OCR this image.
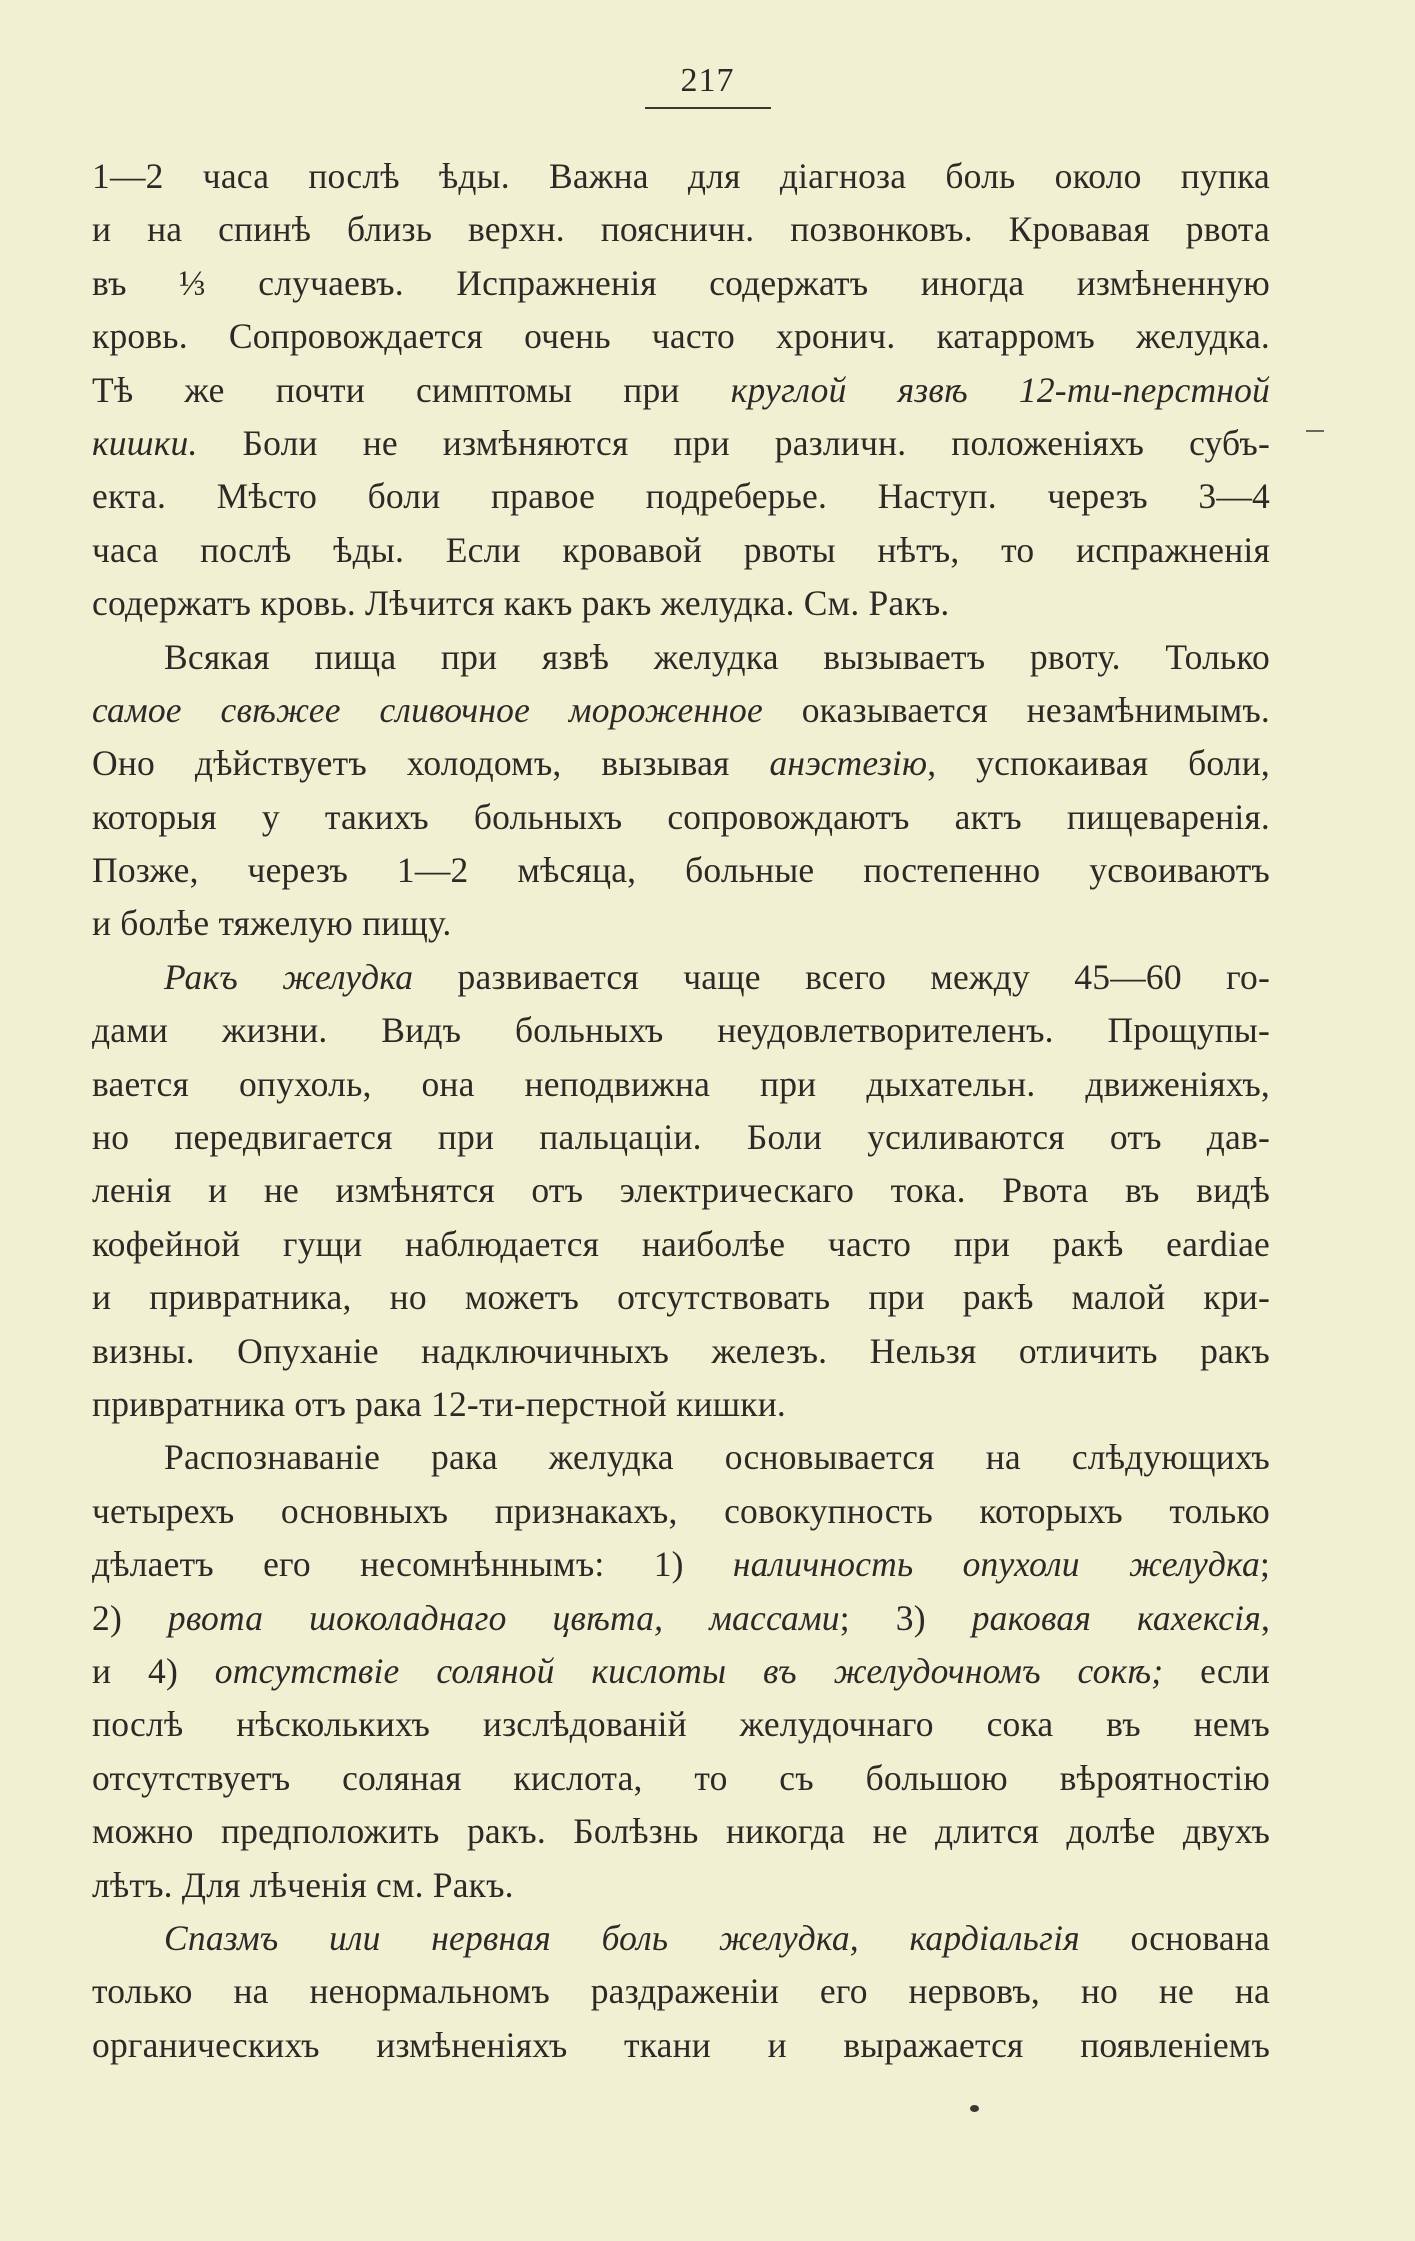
217
1—2 часа послѣ ѣды. Важна для діагноза боль около пупка
и на спинѣ близь верхн. поясничн. позвонковъ. Кровавая рвота
въ ⅓ случаевъ. Испражненія содержатъ иногда измѣненную
кровь. Сопровождается очень часто хронич. катарромъ желудка.
Тѣ же почти симптомы при круглой язвѣ 12-ти-перстной
кишки. Боли не измѣняются при различн. положеніяхъ субъ-
екта. Мѣсто боли правое подреберье. Наступ. черезъ 3—4
часа послѣ ѣды. Если кровавой рвоты нѣтъ, то испражненія
содержатъ кровь. Лѣчится какъ ракъ желудка. См. Ракъ.
Всякая пища при язвѣ желудка вызываетъ рвоту. Только
самое свѣжее сливочное мороженное оказывается незамѣнимымъ.
Оно дѣйствуетъ холодомъ, вызывая анэстезію, успокаивая боли,
которыя у такихъ больныхъ сопровождаютъ актъ пищеваренія.
Позже, черезъ 1—2 мѣсяца, больные постепенно усвоиваютъ
и болѣе тяжелую пищу.
Ракъ желудка развивается чаще всего между 45—60 го-
дами жизни. Видъ больныхъ неудовлетворителенъ. Прощупы-
вается опухоль, она неподвижна при дыхательн. движеніяхъ,
но передвигается при пальцаціи. Боли усиливаются отъ дав-
ленія и не измѣнятся отъ электрическаго тока. Рвота въ видѣ
кофейной гущи наблюдается наиболѣе часто при ракѣ eardiae
и привратника, но можетъ отсутствовать при ракѣ малой кри-
визны. Опуханіе надключичныхъ железъ. Нельзя отличить ракъ
привратника отъ рака 12-ти-перстной кишки.
Распознаваніе рака желудка основывается на слѣдующихъ
четырехъ основныхъ признакахъ, совокупность которыхъ только
дѣлаетъ его несомнѣннымъ: 1) наличность опухоли желудка;
2) рвота шоколаднаго цвѣта, массами; 3) раковая кахексія,
и 4) отсутствіе соляной кислоты въ желудочномъ сокѣ; если
послѣ нѣсколькихъ изслѣдованій желудочнаго сока въ немъ
отсутствуетъ соляная кислота, то съ большою вѣроятностію
можно предположить ракъ. Болѣзнь никогда не длится долѣе двухъ
лѣтъ. Для лѣченія см. Ракъ.
Спазмъ или нервная боль желудка, кардіальгія основана
только на ненормальномъ раздраженіи его нервовъ, но не на
органическихъ измѣненіяхъ ткани и выражается появленіемъ
